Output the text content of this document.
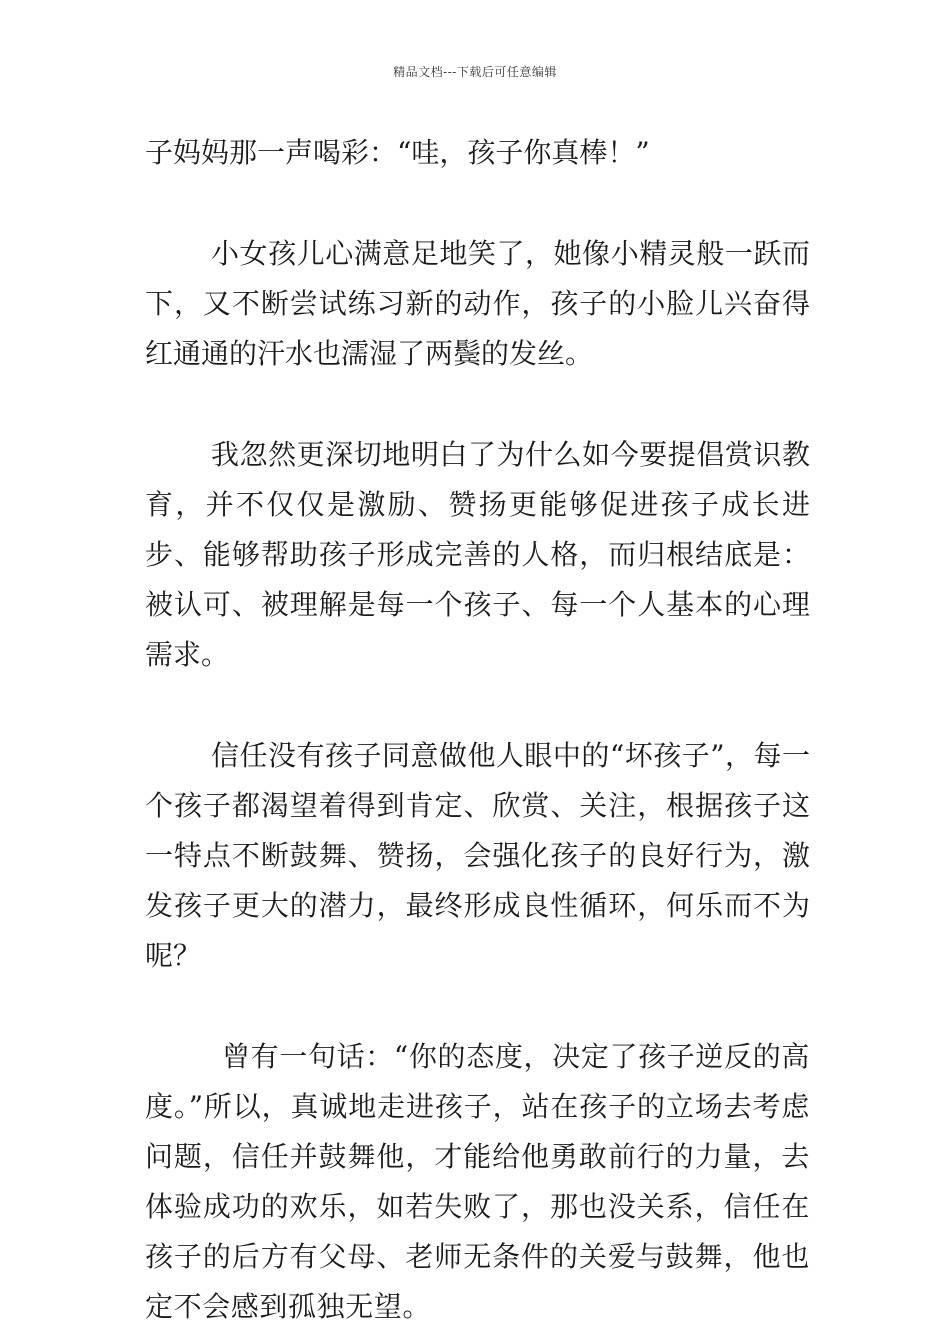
精品文档---下载后可任意编辑

子妈妈那一声喝彩：“哇，孩子你真棒！”

小女孩儿心满意足地笑了，她像小精灵般一跃而下，又不断尝试练习新的动作，孩子的小脸儿兴奋得红通通的汗水也濡湿了两鬓的发丝。

我忽然更深切地明白了为什么如今要提倡赏识教育，并不仅仅是激励、赞扬更能够促进孩子成长进步、能够帮助孩子形成完善的人格，而归根结底是：被认可、被理解是每一个孩子、每一个人基本的心理需求。

信任没有孩子同意做他人眼中的“坏孩子”，每一个孩子都渴望着得到肯定、欣赏、关注，根据孩子这一特点不断鼓舞、赞扬，会强化孩子的良好行为，激发孩子更大的潜力，最终形成良性循环，何乐而不为呢？

曾有一句话：“你的态度，决定了孩子逆反的高度。”所以，真诚地走进孩子，站在孩子的立场去考虑问题，信任并鼓舞他，才能给他勇敢前行的力量，去体验成功的欢乐，如若失败了，那也没关系，信任在孩子的后方有父母、老师无条件的关爱与鼓舞，他也定不会感到孤独无望。
